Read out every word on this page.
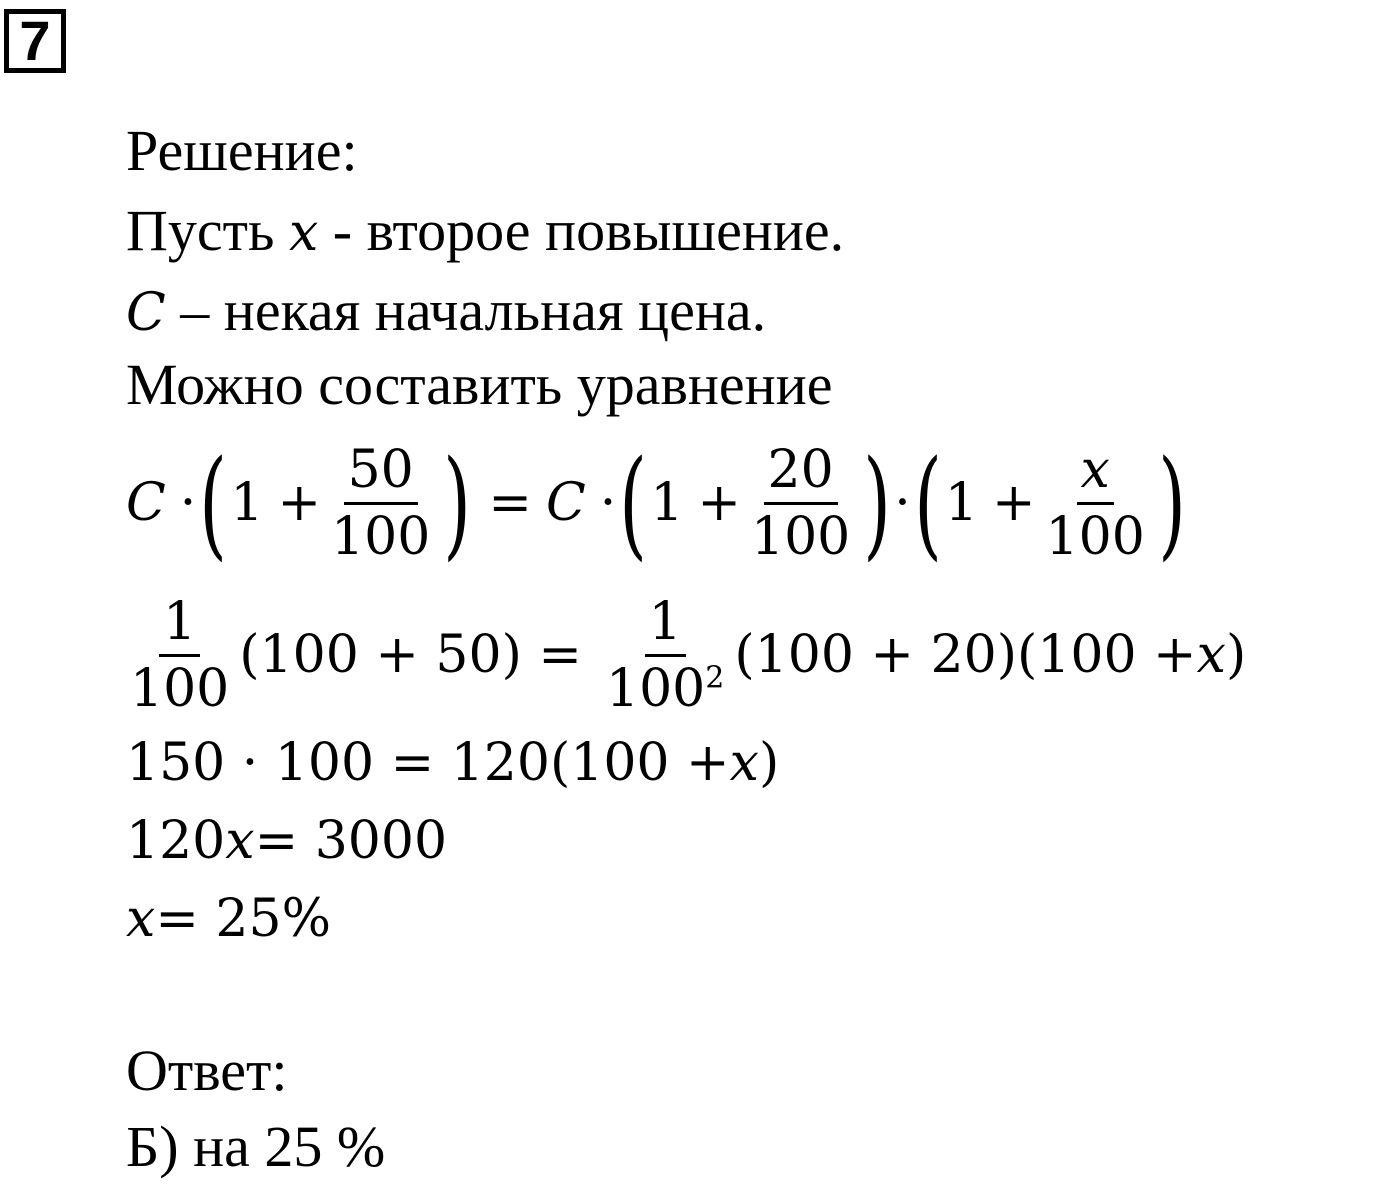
7
Решение:
Пусть x - второе повышение.
C – некая начальная цена.
Можно составить уравнение
C · ( $1 + \frac{50}{100}$ ) = C · ( $1 + \frac{20}{100}$ ) · ( $1 + \frac{x}{100}$ )
$\frac{1}{100} (100 + 50) = \frac{1}{100^2} (100 + 20)(100 + x$ )
150 · 100 = 120(100 + x )
120 x = 3000
x = 25%
Ответ:
Б) на 25 %
